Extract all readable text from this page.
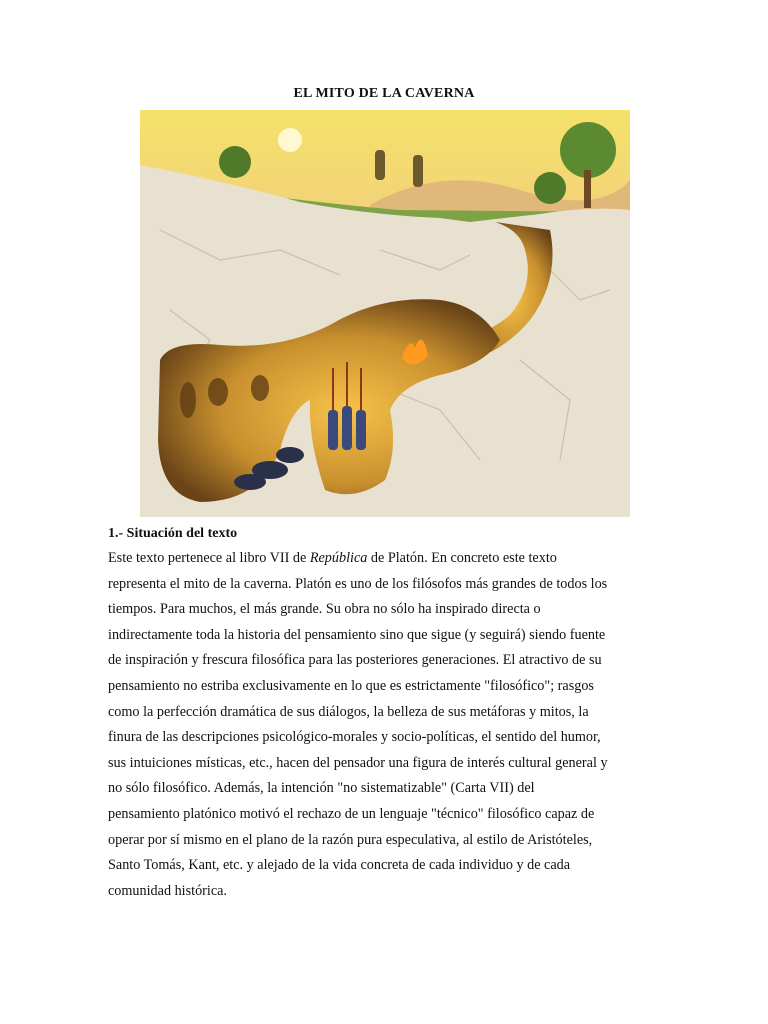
EL MITO DE LA CAVERNA
1.- Situación del texto
Este texto pertenece al libro VII de República de Platón. En concreto este texto
representa el mito de la caverna. Platón es uno de los filósofos más grandes de todos los
tiempos. Para muchos, el más grande. Su obra no sólo ha inspirado directa o
indirectamente toda la historia del pensamiento sino que sigue (y seguirá) siendo fuente
de inspiración y frescura filosófica para las posteriores generaciones. El atractivo de su
pensamiento no estriba exclusivamente en lo que es estrictamente "filosófico"; rasgos
como la perfección dramática de sus diálogos, la belleza de sus metáforas y mitos, la
finura de las descripciones psicológico-morales y socio-políticas, el sentido del humor,
sus intuiciones místicas, etc., hacen del pensador una figura de interés cultural general y
no sólo filosófico. Además, la intención "no sistematizable" (Carta VII) del
pensamiento platónico motivó el rechazo de un lenguaje "técnico" filosófico capaz de
operar por sí mismo en el plano de la razón pura especulativa, al estilo de Aristóteles,
Santo Tomás, Kant, etc. y alejado de la vida concreta de cada individuo y de cada
comunidad histórica.
